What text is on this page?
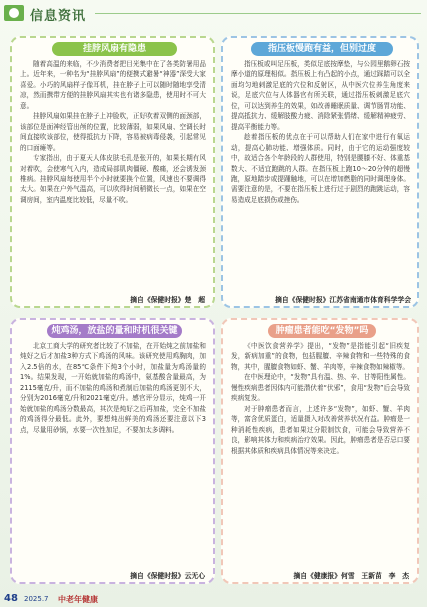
信息资讯
挂脖风扇有隐患

随着高温的来临，不少消费者把目光集中在了各类防暑用品上。近年来，一种名为“挂脖风扇”的便携式避暑“神器”深受大家喜爱。小巧的风扇样子像耳机，挂在脖子上可以随时随地享受清凉，然而携带方便的挂脖风扇其实也有诸多隐患，使用时不可大意。

挂脖风扇如果挂在脖子上冲脸吹，正好吹着双侧的面颈部，该部位是面神经管出颅的位置，比较薄弱，如果风扇、空调长时间直接吹该部位，使得抵抗力下降，容易被病毒侵袭，引起常见的口面瘫等。

专家指出，由于夏天人体皮肤毛孔是张开的，如果长期有风对着吹，会使寒气入内，造成局部肌肉僵硬、酸痛，还会诱发颈椎病。挂脖风扇每使用半个小时就要换个位置，风速也不要调得太大。如果在户外气温高，可以吹得时间稍微长一点，如果在空调房间，室内温度比较低，尽量不吹。

摘自《保健时报》楚　超
指压板慢跑有益，但别过度

指压板或叫足压板，类似足底按摩垫，与公园里鹅卵石按摩小道的原理相似。指压板上有凸起的小点，通过踩踏可以全面均匀地刺激足底的穴位和反射区，从中医穴位养生角度来说，足底穴位与人体器官有所关联，通过指压板刺激足底穴位，可以达到养生的效果，如改善睡眠质量、调节肠胃功能、提高抵抗力、缓解肢酸力疲、消除紧张情绪、缓解精神疲劳、提高平衡能力等。

趁着指压板的优点在于可以帮助人们在家中进行有氧运动，提高心肺功能、增强体质。同时，由于它的运动强度较中，故适合各个年龄段的人群使用，特别是腰膝不好、体重基数大、不适宜跑跳的人群。在指压板上跑10～20分钟的超慢跑，原地踏步或提踵触地，可以在增加燃脂的同时调理身体。需要注意的是，不要在指压板上进行过于剧烈的跑跳运动，容易造成足底损伤或挫伤。

摘自《保健时报》江苏省南通市体育科学学会
炖鸡汤，放盐的量和时机很关键

北京工商大学的研究者比较了不加盐，在开始炖之前加盐和炖好之后才加盐3种方式下鸡汤的风味。该研究使用鸡胸肉，加入2.5倍的水，在85℃条件下炖3个小时，加盐量为鸡汤量的1%。结果发现，一开始就加盐的鸡汤中，氨基酸含量最高，为2115毫克/升，而不加盐的鸡汤和煮制后加盐的鸡汤更别不大，分别为2016毫克/升和2021毫克/升。感官评分显示，炖鸡一开始就加盐的鸡汤分数最高，其次是炖好之后再加盐，完全不加盐的鸡汤得分最低。此外，要想炖出鲜美的鸡汤还要注意以下3点，尽量用砂锅，水要一次性加足，不要加太多调料。

摘自《保健时报》云无心
肿瘤患者能吃“发物”吗

《中医饮食营养学》提出，“发物”是指能引起“旧疾复发，新病加重”的食物，包括腥膻、辛辣食物和一些特殊的食物，其中，腥膻食物如虾、蟹、羊肉等，辛辣食物如辣椒等。

在中医理论中，“发物”具有温、热、辛、甘等阳性属性。慢性疾病患者因体内可能潜伏着“伏邪”，食用“发物”后会导致疾病复发。

对于肿瘤患者而言，上述许多“发物”，如虾、蟹、羊肉等，富含优质蛋白，适量摄入对改善营养状况有益。肿瘤是一种消耗性疾病，患者如果过分限制饮食，可能会导致营养不良，影响其体力和疾病治疗效果。因此，肿瘤患者是否忌口要根据其体质和疾病具体情况等来决定。

摘自《健康报》何雪　王新苗　李　杰
48 2025.7 中老年健康
